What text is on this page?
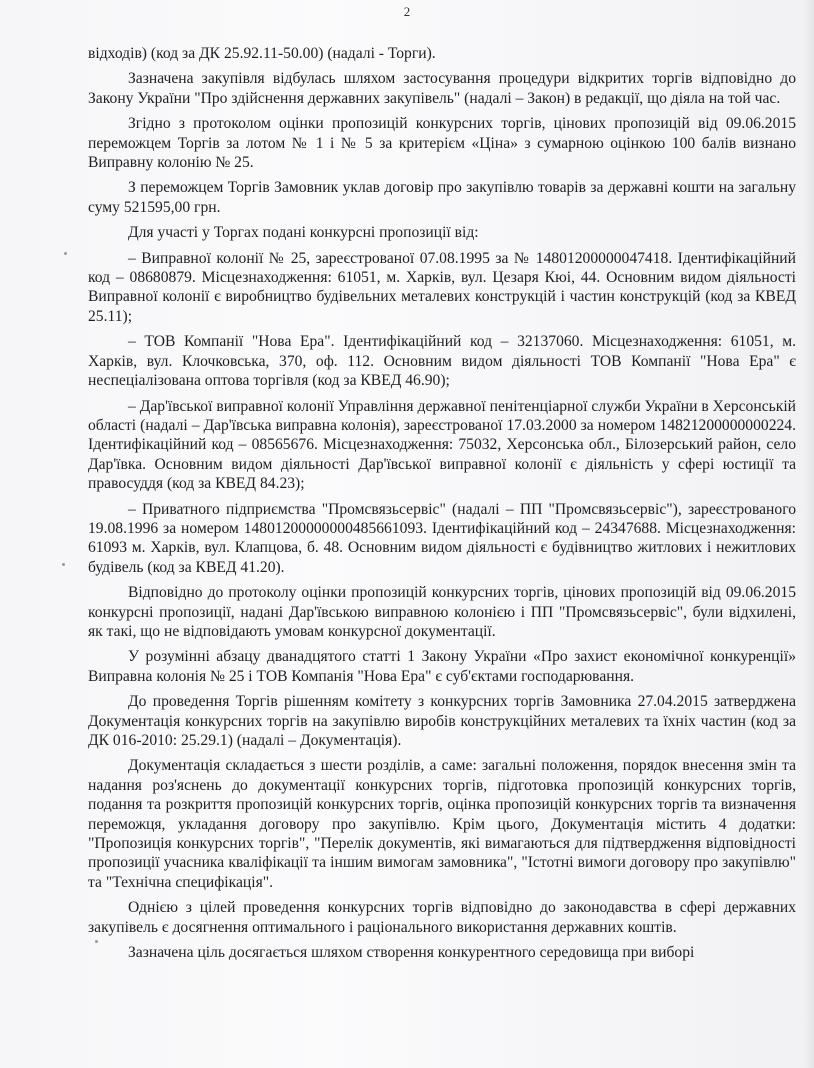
2

відходів) (код за ДК 25.92.11-50.00) (надалі - Торги).

Зазначена закупівля відбулась шляхом застосування процедури відкритих торгів відповідно до Закону України "Про здійснення державних закупівель" (надалі – Закон) в редакції, що діяла на той час.

Згідно з протоколом оцінки пропозицій конкурсних торгів, цінових пропозицій від 09.06.2015 переможцем Торгів за лотом № 1 і № 5 за критерієм «Ціна» з сумарною оцінкою 100 балів визнано Виправну колонію № 25.

З переможцем Торгів Замовник уклав договір про закупівлю товарів за державні кошти на загальну суму 521595,00 грн.

Для участі у Торгах подані конкурсні пропозиції від:

– Виправної колонії № 25, зареєстрованої 07.08.1995 за № 14801200000047418. Ідентифікаційний код – 08680879. Місцезнаходження: 61051, м. Харків, вул. Цезаря Кюі, 44. Основним видом діяльності Виправної колонії є виробництво будівельних металевих конструкцій і частин конструкцій (код за КВЕД 25.11);

– ТОВ Компанії "Нова Ера". Ідентифікаційний код – 32137060. Місцезнаходження: 61051, м. Харків, вул. Клочковська, 370, оф. 112. Основним видом діяльності ТОВ Компанії "Нова Ера" є неспеціалізована оптова торгівля (код за КВЕД 46.90);

– Дар'ївської виправної колонії Управління державної пенітенціарної служби України в Херсонській області (надалі – Дар'ївська виправна колонія), зареєстрованої 17.03.2000 за номером 14821200000000224. Ідентифікаційний код – 08565676. Місцезнаходження: 75032, Херсонська обл., Білозерський район, село Дар'ївка. Основним видом діяльності Дар'ївської виправної колонії є діяльність у сфері юстиції та правосуддя (код за КВЕД 84.23);

– Приватного підприємства "Промсвязьсервіс" (надалі – ПП "Промсвязьсервіс"), зареєстрованого 19.08.1996 за номером 14801200000000485661093. Ідентифікаційний код – 24347688. Місцезнаходження: 61093 м. Харків, вул. Клапцова, б. 48. Основним видом діяльності є будівництво житлових і нежитлових будівель (код за КВЕД 41.20).

Відповідно до протоколу оцінки пропозицій конкурсних торгів, цінових пропозицій від 09.06.2015 конкурсні пропозиції, надані Дар'ївською виправною колонією і ПП "Промсвязьсервіс", були відхилені, як такі, що не відповідають умовам конкурсної документації.

У розумінні абзацу дванадцятого статті 1 Закону України «Про захист економічної конкуренції» Виправна колонія № 25 і ТОВ Компанія "Нова Ера" є суб'єктами господарювання.

До проведення Торгів рішенням комітету з конкурсних торгів Замовника 27.04.2015 затверджена Документація конкурсних торгів на закупівлю виробів конструкційних металевих та їхніх частин (код за ДК 016-2010: 25.29.1) (надалі – Документація).

Документація складається з шести розділів, а саме: загальні положення, порядок внесення змін та надання роз'яснень до документації конкурсних торгів, підготовка пропозицій конкурсних торгів, подання та розкриття пропозицій конкурсних торгів, оцінка пропозицій конкурсних торгів та визначення переможця, укладання договору про закупівлю. Крім цього, Документація містить 4 додатки: "Пропозиція конкурсних торгів", "Перелік документів, які вимагаються для підтвердження відповідності пропозиції учасника кваліфікації та іншим вимогам замовника", "Істотні вимоги договору про закупівлю" та "Технічна специфікація".

Однією з цілей проведення конкурсних торгів відповідно до законодавства в сфері державних закупівель є досягнення оптимального і раціонального використання державних коштів.

Зазначена ціль досягається шляхом створення конкурентного середовища при виборі
